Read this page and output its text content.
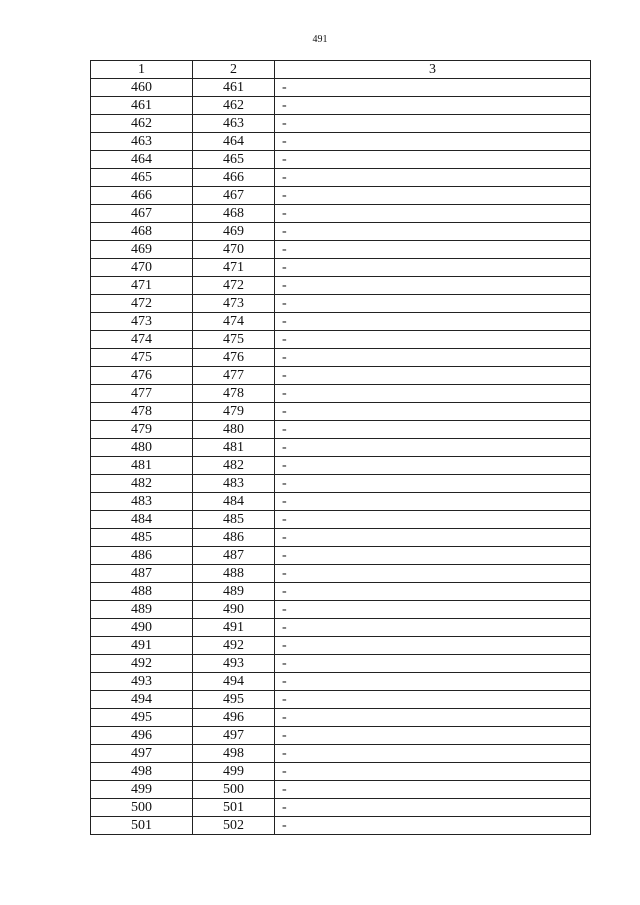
491
1	2	3
460	461	-
461	462	-
462	463	-
463	464	-
464	465	-
465	466	-
466	467	-
467	468	-
468	469	-
469	470	-
470	471	-
471	472	-
472	473	-
473	474	-
474	475	-
475	476	-
476	477	-
477	478	-
478	479	-
479	480	-
480	481	-
481	482	-
482	483	-
483	484	-
484	485	-
485	486	-
486	487	-
487	488	-
488	489	-
489	490	-
490	491	-
491	492	-
492	493	-
493	494	-
494	495	-
495	496	-
496	497	-
497	498	-
498	499	-
499	500	-
500	501	-
501	502	-
